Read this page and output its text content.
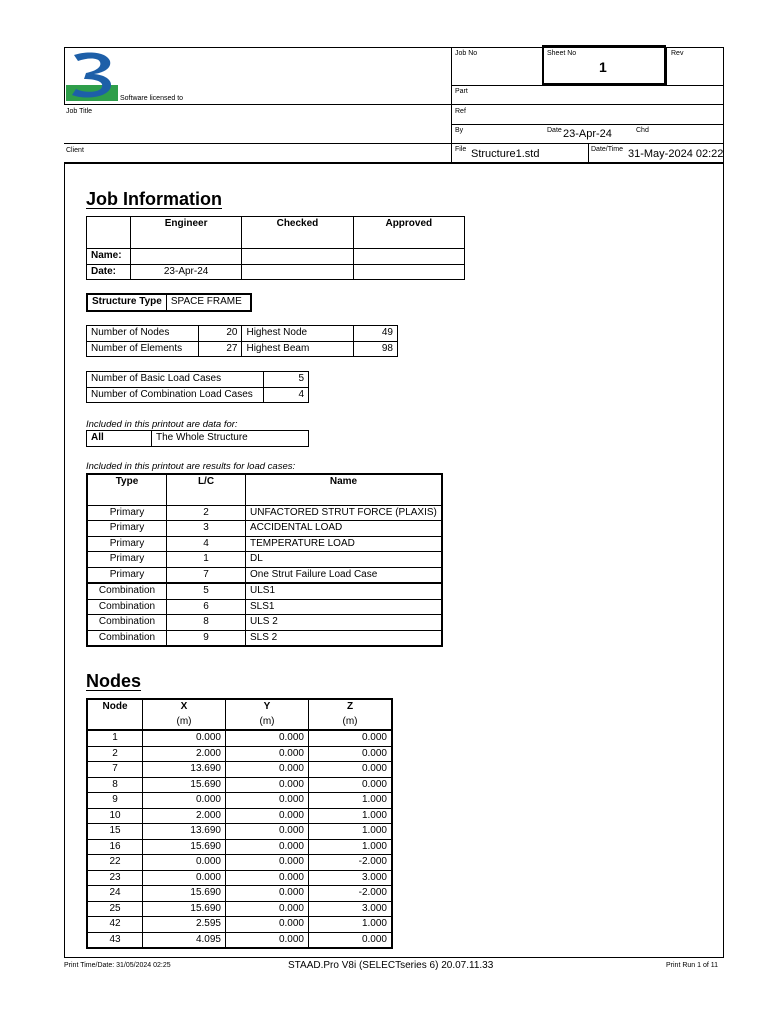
Software licensed to
Job No	Sheet No
1
Rev
Part
Job Title	Ref
By	Date 23-Apr-24	Chd
Client	File Structure1.std	Date/Time 31-May-2024 02:22
Job Information
	Engineer	Checked	Approved
Name:			
Date:	23-Apr-24		
Structure Type	SPACE FRAME
Number of Nodes	20	Highest Node	49
Number of Elements	27	Highest Beam	98
Number of Basic Load Cases	5
Number of Combination Load Cases	4
Included in this printout are data for:
All	The Whole Structure
Included in this printout are results for load cases:
Type	L/C	Name
Primary	2	UNFACTORED STRUT FORCE (PLAXIS)
Primary	3	ACCIDENTAL LOAD
Primary	4	TEMPERATURE LOAD
Primary	1	DL
Primary	7	One Strut Failure Load Case
Combination	5	ULS1
Combination	6	SLS1
Combination	8	ULS 2
Combination	9	SLS 2
Nodes
Node	X	Y	Z
	(m)	(m)	(m)
1	0.000	0.000	0.000
2	2.000	0.000	0.000
7	13.690	0.000	0.000
8	15.690	0.000	0.000
9	0.000	0.000	1.000
10	2.000	0.000	1.000
15	13.690	0.000	1.000
16	15.690	0.000	1.000
22	0.000	0.000	-2.000
23	0.000	0.000	3.000
24	15.690	0.000	-2.000
25	15.690	0.000	3.000
42	2.595	0.000	1.000
43	4.095	0.000	0.000
Print Time/Date: 31/05/2024 02:25	STAAD.Pro V8i (SELECTseries 6) 20.07.11.33	Print Run 1 of 11
